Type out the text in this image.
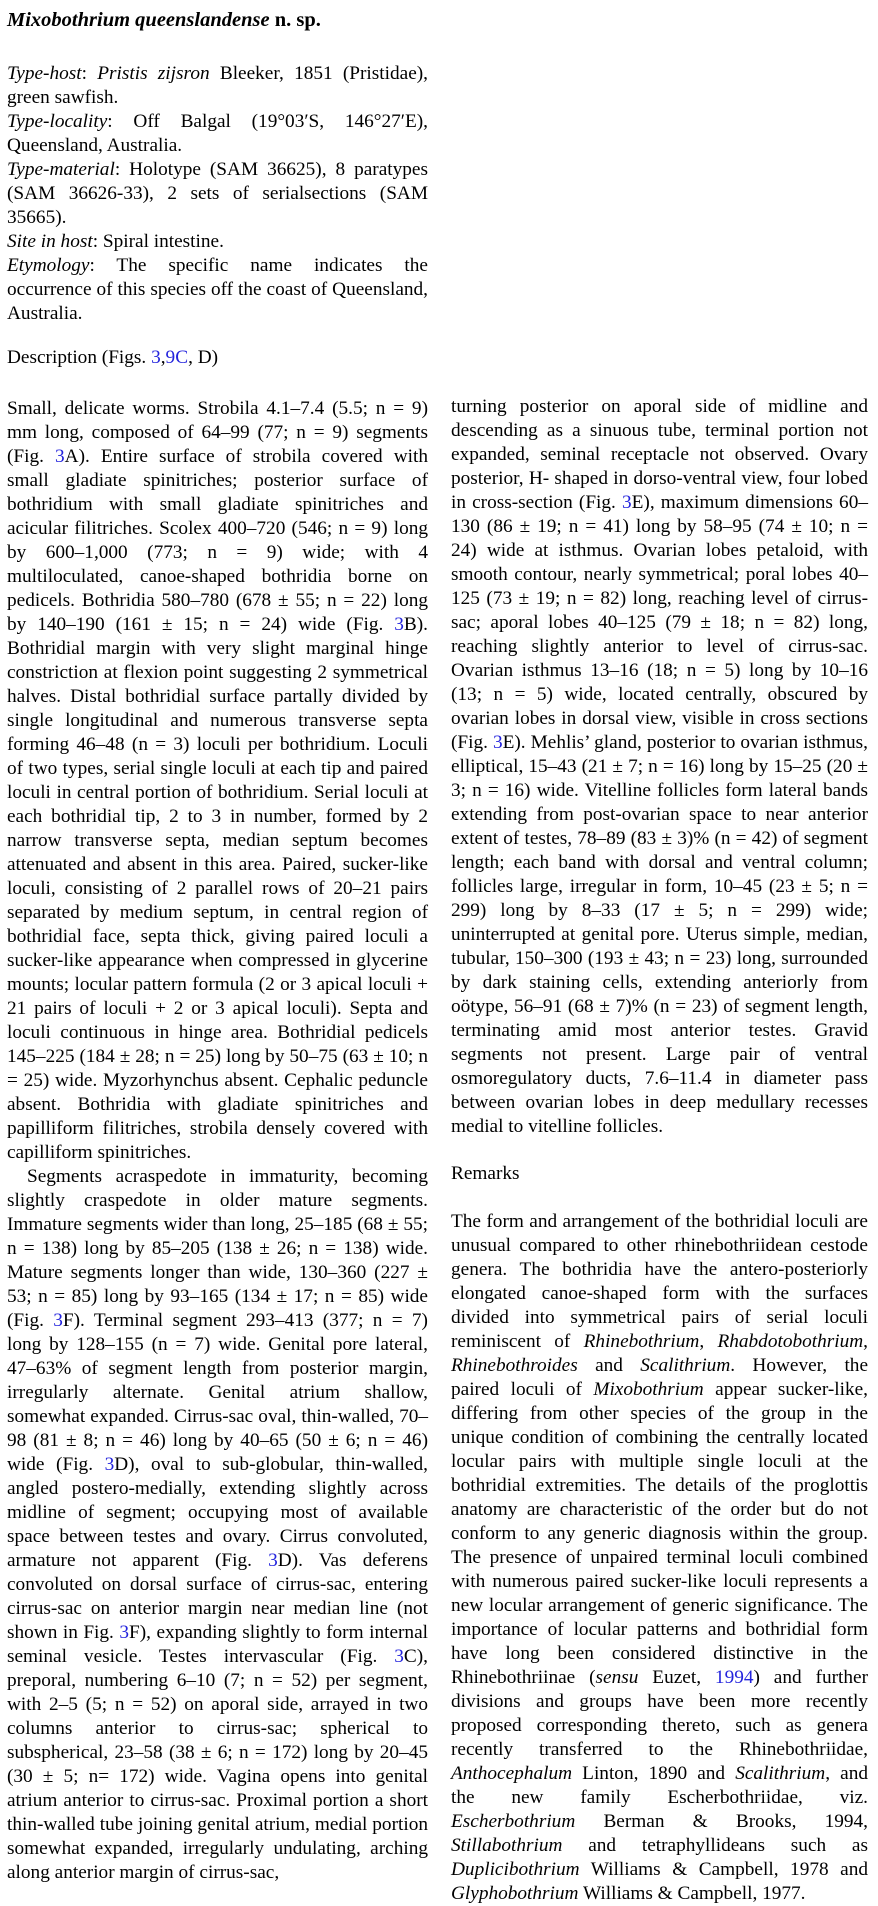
Mixobothrium queenslandense n. sp.

Type-host: Pristis zijsron Bleeker, 1851 (Pristidae), green sawfish.

Type-locality: Off Balgal (19°03′S, 146°27′E), Queensland, Australia.

Type-material: Holotype (SAM 36625), 8 paratypes (SAM 36626-33), 2 sets of serialsections (SAM 35665).

Site in host: Spiral intestine.

Etymology: The specific name indicates the occurrence of this species off the coast of Queensland, Australia.

Description (Figs. 3,9C, D)

Small, delicate worms. Strobila 4.1–7.4 (5.5; n = 9) mm long, composed of 64–99 (77; n = 9) segments (Fig. 3A). Entire surface of strobila covered with small gladiate spinitriches; posterior surface of bothridium with small gladiate spinitriches and acicular filitriches. Scolex 400–720 (546; n = 9) long by 600–1,000 (773; n = 9) wide; with 4 multiloculated, canoe-shaped bothridia borne on pedicels. Bothridia 580–780 (678 ± 55; n = 22) long by 140–190 (161 ± 15; n = 24) wide (Fig. 3B). Bothridial margin with very slight marginal hinge constriction at flexion point suggesting 2 symmetrical halves. Distal bothridial surface partally divided by single longitudinal and numerous transverse septa forming 46–48 (n = 3) loculi per bothridium. Loculi of two types, serial single loculi at each tip and paired loculi in central portion of bothridium. Serial loculi at each bothridial tip, 2 to 3 in number, formed by 2 narrow transverse septa, median septum becomes attenuated and absent in this area. Paired, sucker-like loculi, consisting of 2 parallel rows of 20–21 pairs separated by medium septum, in central region of bothridial face, septa thick, giving paired loculi a sucker-like appearance when compressed in glycerine mounts; locular pattern formula (2 or 3 apical loculi + 21 pairs of loculi + 2 or 3 apical loculi). Septa and loculi continuous in hinge area. Bothridial pedicels 145–225 (184 ± 28; n = 25) long by 50–75 (63 ± 10; n = 25) wide. Myzorhynchus absent. Cephalic peduncle absent. Bothridia with gladiate spinitriches and papilliform filitriches, strobila densely covered with capilliform spinitriches.

Segments acraspedote in immaturity, becoming slightly craspedote in older mature segments. Immature segments wider than long, 25–185 (68 ± 55; n = 138) long by 85–205 (138 ± 26; n = 138) wide. Mature segments longer than wide, 130–360 (227 ± 53; n = 85) long by 93–165 (134 ± 17; n = 85) wide (Fig. 3F). Terminal segment 293–413 (377; n = 7) long by 128–155 (n = 7) wide. Genital pore lateral, 47–63% of segment length from posterior margin, irregularly alternate. Genital atrium shallow, somewhat expanded. Cirrus-sac oval, thin-walled, 70–98 (81 ± 8; n = 46) long by 40–65 (50 ± 6; n = 46) wide (Fig. 3D), oval to sub-globular, thin-walled, angled postero-medially, extending slightly across midline of segment; occupying most of available space between testes and ovary. Cirrus convoluted, armature not apparent (Fig. 3D). Vas deferens convoluted on dorsal surface of cirrus-sac, entering cirrus-sac on anterior margin near median line (not shown in Fig. 3F), expanding slightly to form internal seminal vesicle. Testes intervascular (Fig. 3C), preporal, numbering 6–10 (7; n = 52) per segment, with 2–5 (5; n = 52) on aporal side, arrayed in two columns anterior to cirrus-sac; spherical to subspherical, 23–58 (38 ± 6; n = 172) long by 20–45 (30 ± 5; n= 172) wide. Vagina opens into genital atrium anterior to cirrus-sac. Proximal portion a short thin-walled tube joining genital atrium, medial portion somewhat expanded, irregularly undulating, arching along anterior margin of cirrus-sac,

turning posterior on aporal side of midline and descending as a sinuous tube, terminal portion not expanded, seminal receptacle not observed. Ovary posterior, H- shaped in dorso-ventral view, four lobed in cross-section (Fig. 3E), maximum dimensions 60–130 (86 ± 19; n = 41) long by 58–95 (74 ± 10; n = 24) wide at isthmus. Ovarian lobes petaloid, with smooth contour, nearly symmetrical; poral lobes 40–125 (73 ± 19; n = 82) long, reaching level of cirrus-sac; aporal lobes 40–125 (79 ± 18; n = 82) long, reaching slightly anterior to level of cirrus-sac. Ovarian isthmus 13–16 (18; n = 5) long by 10–16 (13; n = 5) wide, located centrally, obscured by ovarian lobes in dorsal view, visible in cross sections (Fig. 3E). Mehlis’ gland, posterior to ovarian isthmus, elliptical, 15–43 (21 ± 7; n = 16) long by 15–25 (20 ± 3; n = 16) wide. Vitelline follicles form lateral bands extending from post-ovarian space to near anterior extent of testes, 78–89 (83 ± 3)% (n = 42) of segment length; each band with dorsal and ventral column; follicles large, irregular in form, 10–45 (23 ± 5; n = 299) long by 8–33 (17 ± 5; n = 299) wide; uninterrupted at genital pore. Uterus simple, median, tubular, 150–300 (193 ± 43; n = 23) long, surrounded by dark staining cells, extending anteriorly from oötype, 56–91 (68 ± 7)% (n = 23) of segment length, terminating amid most anterior testes. Gravid segments not present. Large pair of ventral osmoregulatory ducts, 7.6–11.4 in diameter pass between ovarian lobes in deep medullary recesses medial to vitelline follicles.

Remarks

The form and arrangement of the bothridial loculi are unusual compared to other rhinebothriidean cestode genera. The bothridia have the antero-posteriorly elongated canoe-shaped form with the surfaces divided into symmetrical pairs of serial loculi reminiscent of Rhinebothrium, Rhabdotobothrium, Rhinebothroides and Scalithrium. However, the paired loculi of Mixobothrium appear sucker-like, differing from other species of the group in the unique condition of combining the centrally located locular pairs with multiple single loculi at the bothridial extremities. The details of the proglottis anatomy are characteristic of the order but do not conform to any generic diagnosis within the group. The presence of unpaired terminal loculi combined with numerous paired sucker-like loculi represents a new locular arrangement of generic significance. The importance of locular patterns and bothridial form have long been considered distinctive in the Rhinebothriinae (sensu Euzet, 1994) and further divisions and groups have been more recently proposed corresponding thereto, such as genera recently transferred to the Rhinebothriidae, Anthocephalum Linton, 1890 and Scalithrium, and the new family Escherbothriidae, viz. Escherbothrium Berman & Brooks, 1994, Stillabothrium and tetraphyllideans such as Duplicibothrium Williams & Campbell, 1978 and Glyphobothrium Williams & Campbell, 1977.
